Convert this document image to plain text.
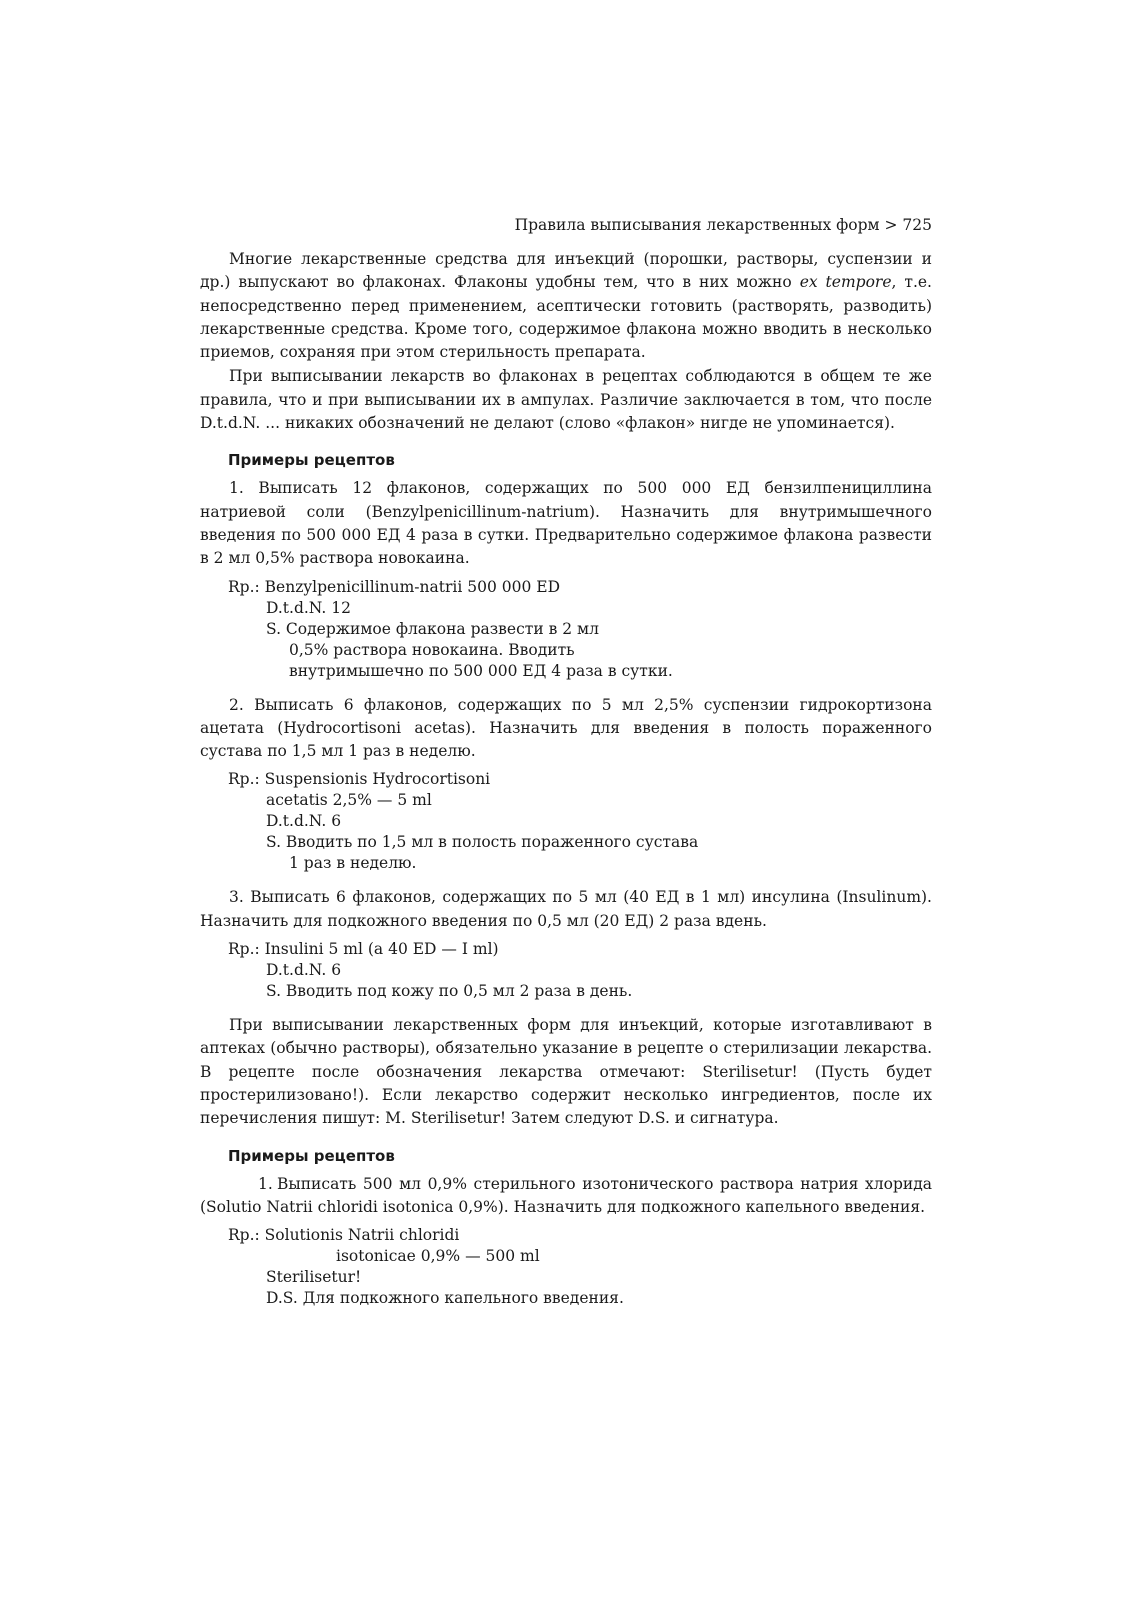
Правила выписывания лекарственных форм > 725

Многие лекарственные средства для инъекций (порошки, растворы, суспензии и др.) выпускают во флаконах. Флаконы удобны тем, что в них можно ex tempore, т.е. непосредственно перед применением, асептически готовить (растворять, разводить) лекарственные средства. Кроме того, содержимое флакона можно вводить в несколько приемов, сохраняя при этом стерильность препарата.

При выписывании лекарств во флаконах в рецептах соблюдаются в общем те же правила, что и при выписывании их в ампулах. Различие заключается в том, что после D.t.d.N. ... никаких обозначений не делают (слово «флакон» нигде не упоминается).

Примеры рецептов

1. Выписать 12 флаконов, содержащих по 500 000 ЕД бензилпенициллина натриевой соли (Benzylpenicillinum-natrium). Назначить для внутримышечного введения по 500 000 ЕД 4 раза в сутки. Предварительно содержимое флакона развести в 2 мл 0,5% раствора новокаина.

Rp.: Benzylpenicillinum-natrii 500 000 ED
D.t.d.N. 12
S. Содержимое флакона развести в 2 мл
0,5% раствора новокаина. Вводить
внутримышечно по 500 000 ЕД 4 раза в сутки.

2. Выписать 6 флаконов, содержащих по 5 мл 2,5% суспензии гидрокортизона ацетата (Hydrocortisoni acetas). Назначить для введения в полость пораженного сустава по 1,5 мл 1 раз в неделю.

Rp.: Suspensionis Hydrocortisoni
acetatis 2,5% — 5 ml
D.t.d.N. 6
S. Вводить по 1,5 мл в полость пораженного сустава
1 раз в неделю.

3. Выписать 6 флаконов, содержащих по 5 мл (40 ЕД в 1 мл) инсулина (Insulinum). Назначить для подкожного введения по 0,5 мл (20 ЕД) 2 раза вдень.

Rp.: Insulini 5 ml (a 40 ED — I ml)
D.t.d.N. 6
S. Вводить под кожу по 0,5 мл 2 раза в день.

При выписывании лекарственных форм для инъекций, которые изготавливают в аптеках (обычно растворы), обязательно указание в рецепте о стерилизации лекарства. В рецепте после обозначения лекарства отмечают: Sterilisetur! (Пусть будет простерилизовано!). Если лекарство содержит несколько ингредиентов, после их перечисления пишут: M. Sterilisetur! Затем следуют D.S. и сигнатура.

Примеры рецептов

1. Выписать 500 мл 0,9% стерильного изотонического раствора натрия хлорида (Solutio Natrii chloridi isotonica 0,9%). Назначить для подкожного капельного введения.

Rp.: Solutionis Natrii chloridi
isotonicae 0,9% — 500 ml
Sterilisetur!
D.S. Для подкожного капельного введения.
